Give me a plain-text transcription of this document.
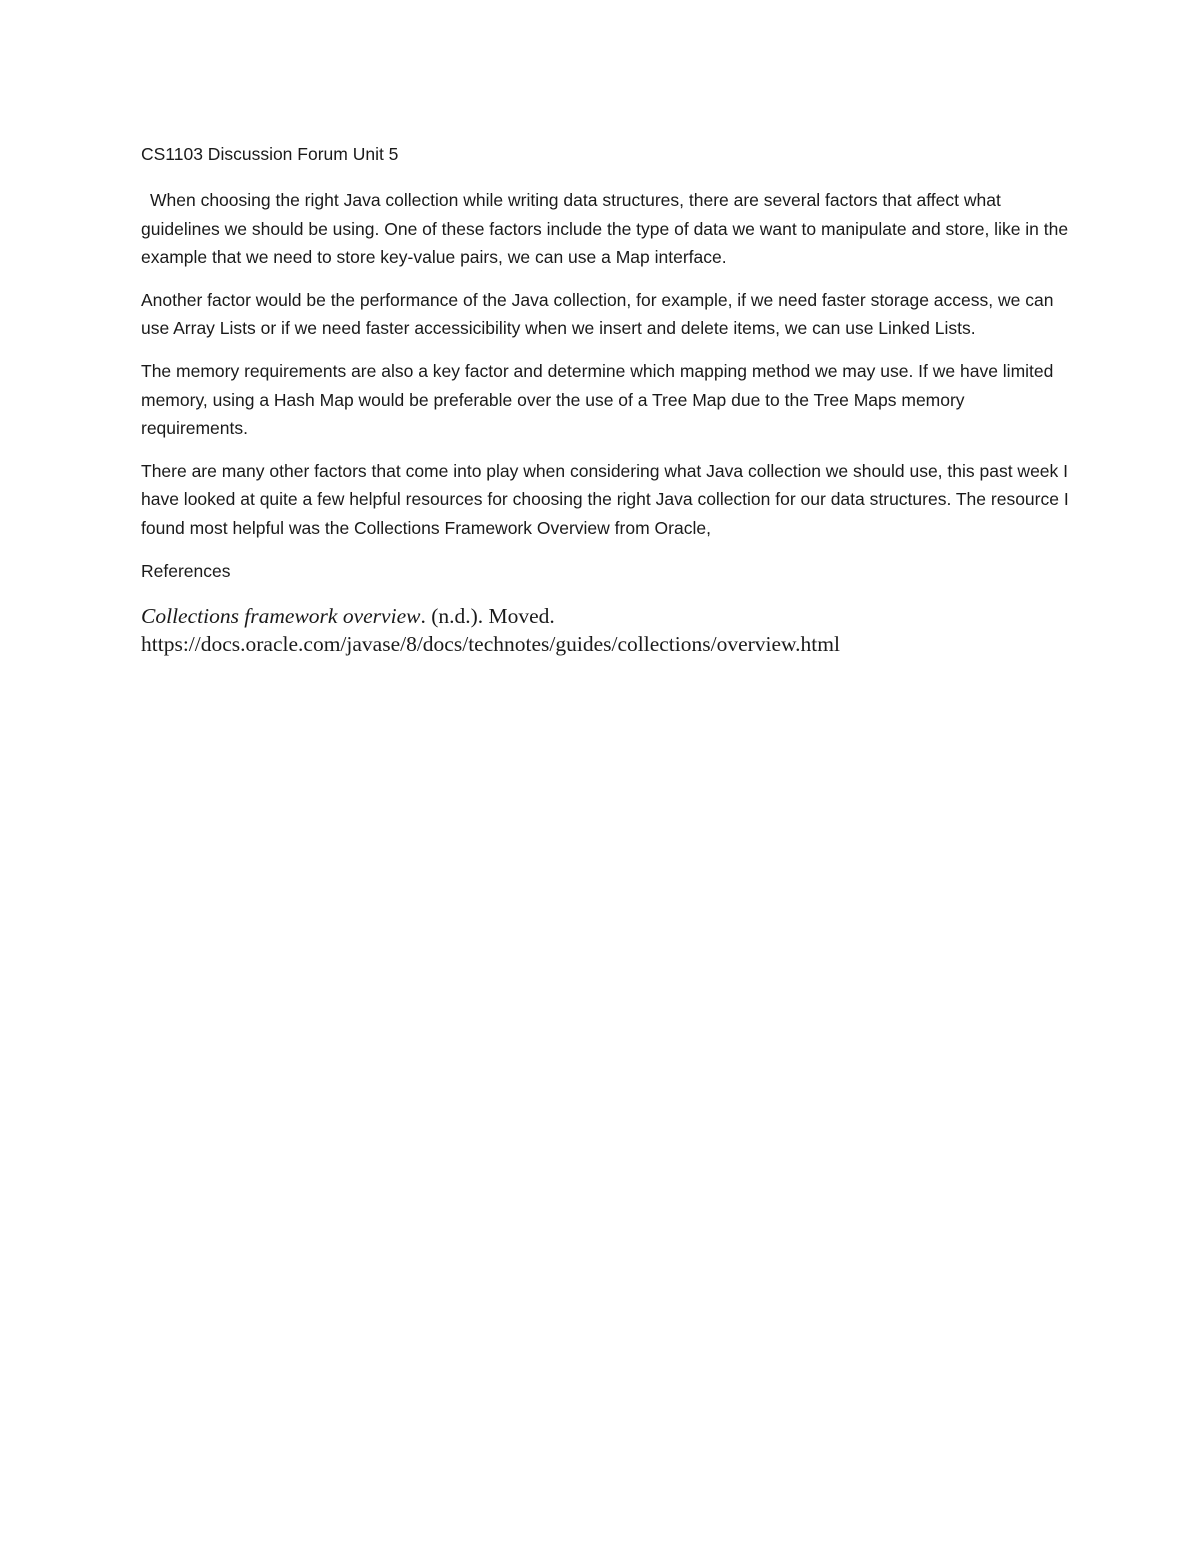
CS1103 Discussion Forum Unit 5

When choosing the right Java collection while writing data structures, there are several factors that affect what guidelines we should be using. One of these factors include the type of data we want to manipulate and store, like in the example that we need to store key-value pairs, we can use a Map interface.

Another factor would be the performance of the Java collection, for example, if we need faster storage access, we can use Array Lists or if we need faster accessicibility when we insert and delete items, we can use Linked Lists.

The memory requirements are also a key factor and determine which mapping method we may use. If we have limited memory, using a Hash Map would be preferable over the use of a Tree Map due to the Tree Maps memory requirements.

There are many other factors that come into play when considering what Java collection we should use, this past week I have looked at quite a few helpful resources for choosing the right Java collection for our data structures. The resource I found most helpful was the Collections Framework Overview from Oracle,

References

Collections framework overview. (n.d.). Moved.
https://docs.oracle.com/javase/8/docs/technotes/guides/collections/overview.html
